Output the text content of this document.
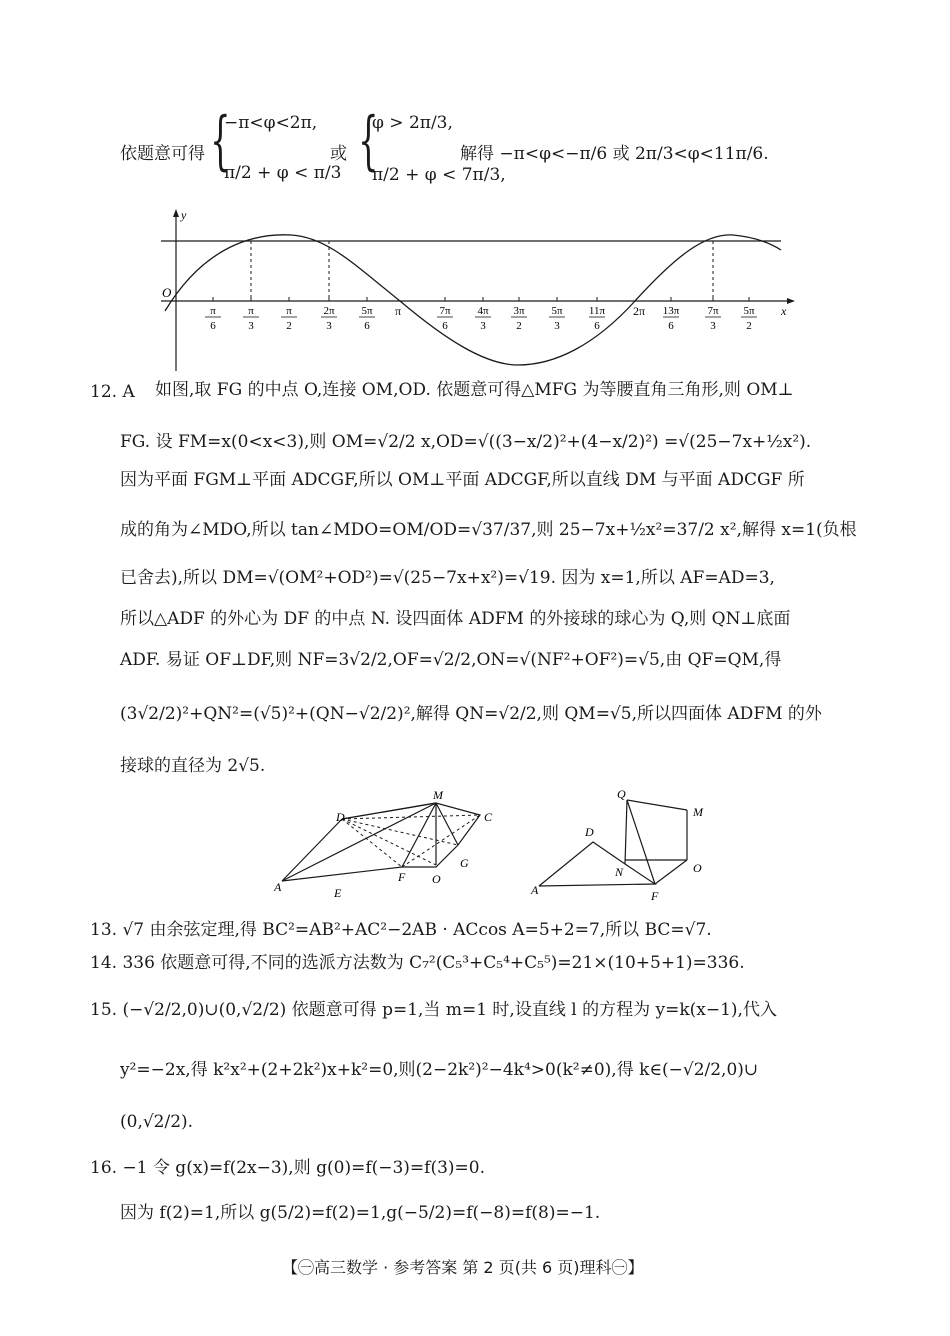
依题意可得 {
−π<φ<2π,
π/2 + φ < π/3
或 {
φ > 2π/3,
π/2 + φ < 7π/3,
解得 −π<φ<−π/6 或 2π/3<φ<11π/6.
y
O
x
π	2π
π
6
π
3
π
2
2π
3
5π
6
7π
6
4π
3
3π
2
5π
3
11π
6
13π
6
7π
3
5π
2
12. A 如图,取 FG 的中点 O,连接 OM,OD. 依题意可得△MFG 为等腰直角三角形,则 OM⊥
FG. 设 FM=x(0<x<3),则 OM=√2/2 x,OD=√((3−x/2)²+(4−x/2)²) =√(25−7x+½x²).
因为平面 FGM⊥平面 ADCGF,所以 OM⊥平面 ADCGF,所以直线 DM 与平面 ADCGF 所
成的角为∠MDO,所以 tan∠MDO=OM/OD=√37/37,则 25−7x+½x²=37/2 x²,解得 x=1(负根
已舍去),所以 DM=√(OM²+OD²)=√(25−7x+x²)=√19. 因为 x=1,所以 AF=AD=3,
所以△ADF 的外心为 DF 的中点 N. 设四面体 ADFM 的外接球的球心为 Q,则 QN⊥底面
ADF. 易证 OF⊥DF,则 NF=3√2/2,OF=√2/2,ON=√(NF²+OF²)=√5,由 QF=QM,得
(3√2/2)²+QN²=(√5)²+(QN−√2/2)²,解得 QN=√2/2,则 QM=√5,所以四面体 ADFM 的外
接球的直径为 2√5.
D
M
C
A	E
F O
G
Q
M
D
N	O
A	F
13. √7 由余弦定理,得 BC²=AB²+AC²−2AB · ACcos A=5+2=7,所以 BC=√7.
14. 336 依题意可得,不同的选派方法数为 C₇²(C₅³+C₅⁴+C₅⁵)=21×(10+5+1)=336.
15. (−√2/2,0)∪(0,√2/2) 依题意可得 p=1,当 m=1 时,设直线 l 的方程为 y=k(x−1),代入
y²=−2x,得 k²x²+(2+2k²)x+k²=0,则(2−2k²)²−4k⁴>0(k²≠0),得 k∈(−√2/2,0)∪
(0,√2/2).
16. −1 令 g(x)=f(2x−3),则 g(0)=f(−3)=f(3)=0.
因为 f(2)=1,所以 g(5/2)=f(2)=1,g(−5/2)=f(−8)=f(8)=−1.
【㊀高三数学 · 参考答案 第 2 页(共 6 页)理科㊀】
